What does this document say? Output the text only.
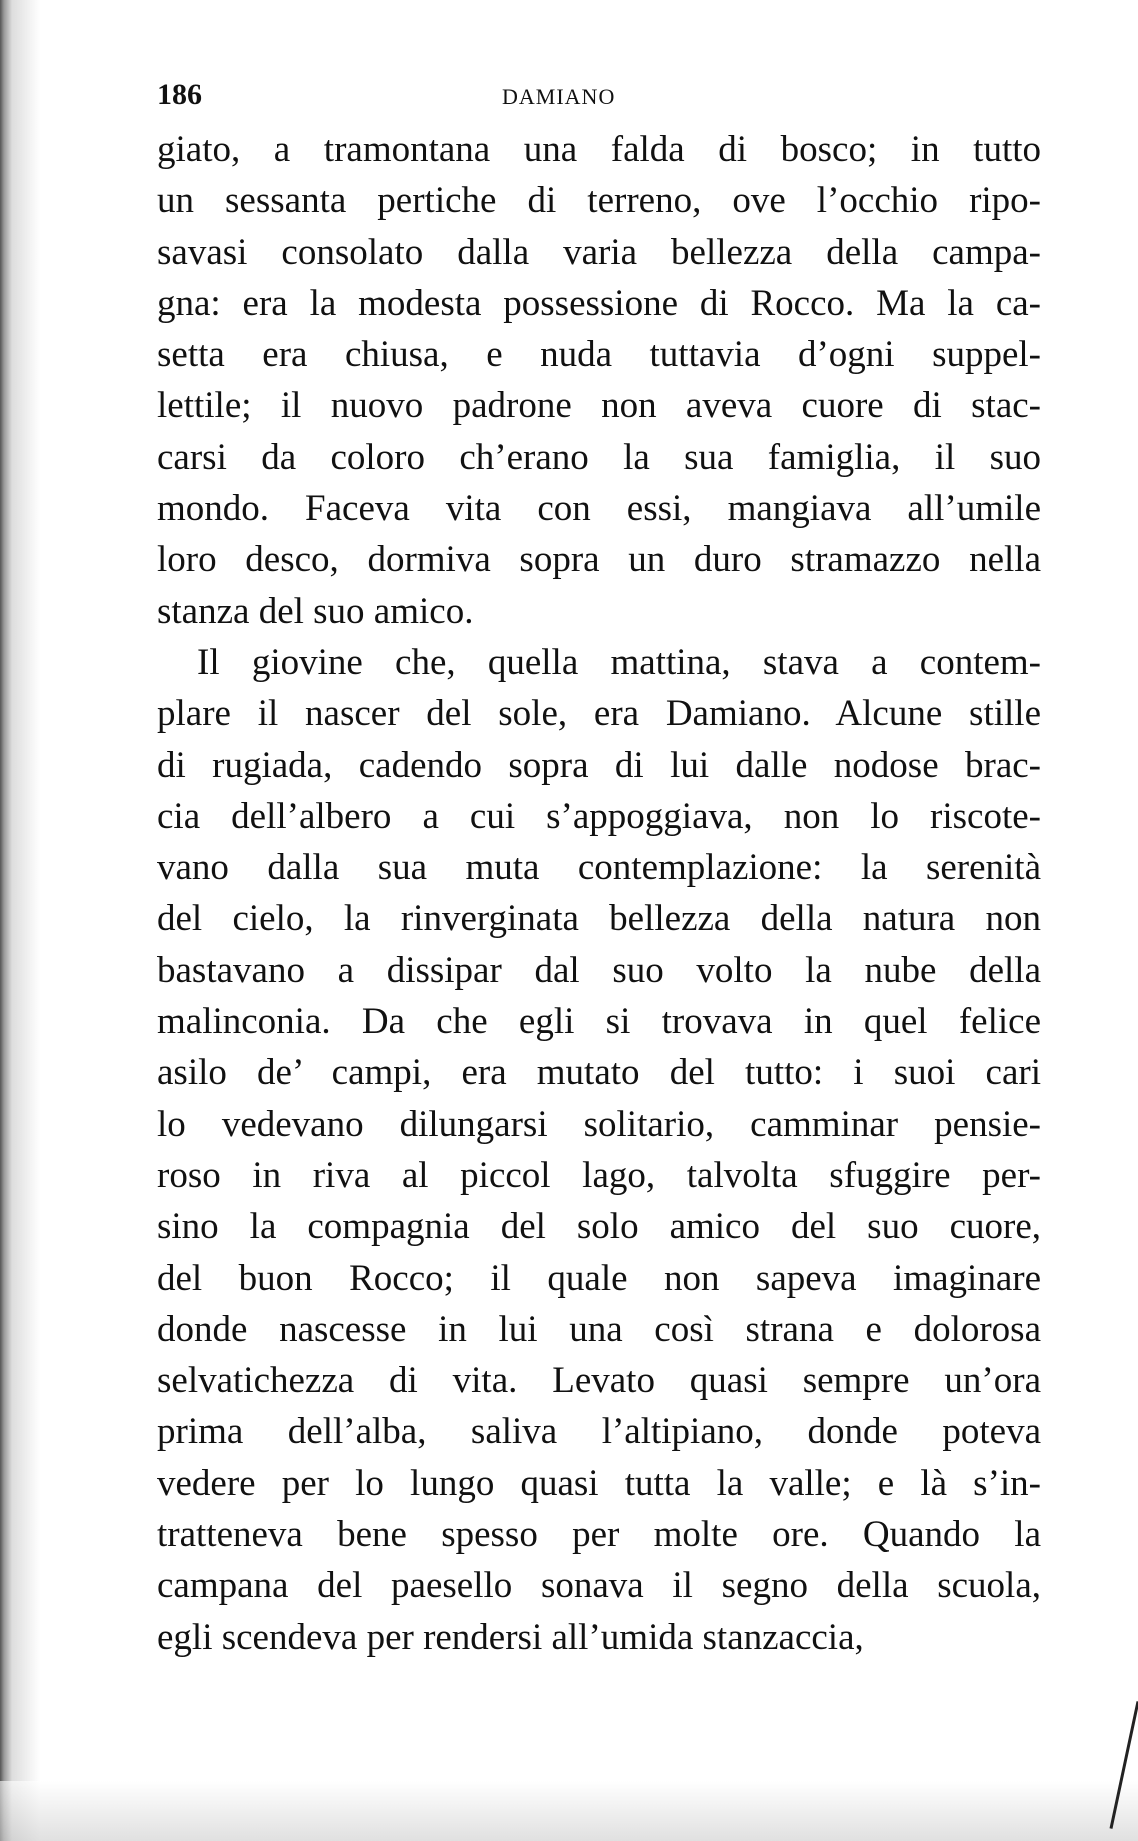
186	DAMIANO
giato, a tramontana una falda di bosco; in tutto
un sessanta pertiche di terreno, ove l’occhio ripo-
savasi consolato dalla varia bellezza della campa-
gna: era la modesta possessione di Rocco. Ma la ca-
setta era chiusa, e nuda tuttavia d’ogni suppel-
lettile; il nuovo padrone non aveva cuore di stac-
carsi da coloro ch’erano la sua famiglia, il suo
mondo. Faceva vita con essi, mangiava all’umile
loro desco, dormiva sopra un duro stramazzo nella
stanza del suo amico.
Il giovine che, quella mattina, stava a contem-
plare il nascer del sole, era Damiano. Alcune stille
di rugiada, cadendo sopra di lui dalle nodose brac-
cia dell’albero a cui s’appoggiava, non lo riscote-
vano dalla sua muta contemplazione: la serenità
del cielo, la rinverginata bellezza della natura non
bastavano a dissipar dal suo volto la nube della
malinconia. Da che egli si trovava in quel felice
asilo de’ campi, era mutato del tutto: i suoi cari
lo vedevano dilungarsi solitario, camminar pensie-
roso in riva al piccol lago, talvolta sfuggire per-
sino la compagnia del solo amico del suo cuore,
del buon Rocco; il quale non sapeva imaginare
donde nascesse in lui una così strana e dolorosa
selvatichezza di vita. Levato quasi sempre un’ora
prima dell’alba, saliva l’altipiano, donde poteva
vedere per lo lungo quasi tutta la valle; e là s’in-
tratteneva bene spesso per molte ore. Quando la
campana del paesello sonava il segno della scuola,
egli scendeva per rendersi all’umida stanzaccia,
